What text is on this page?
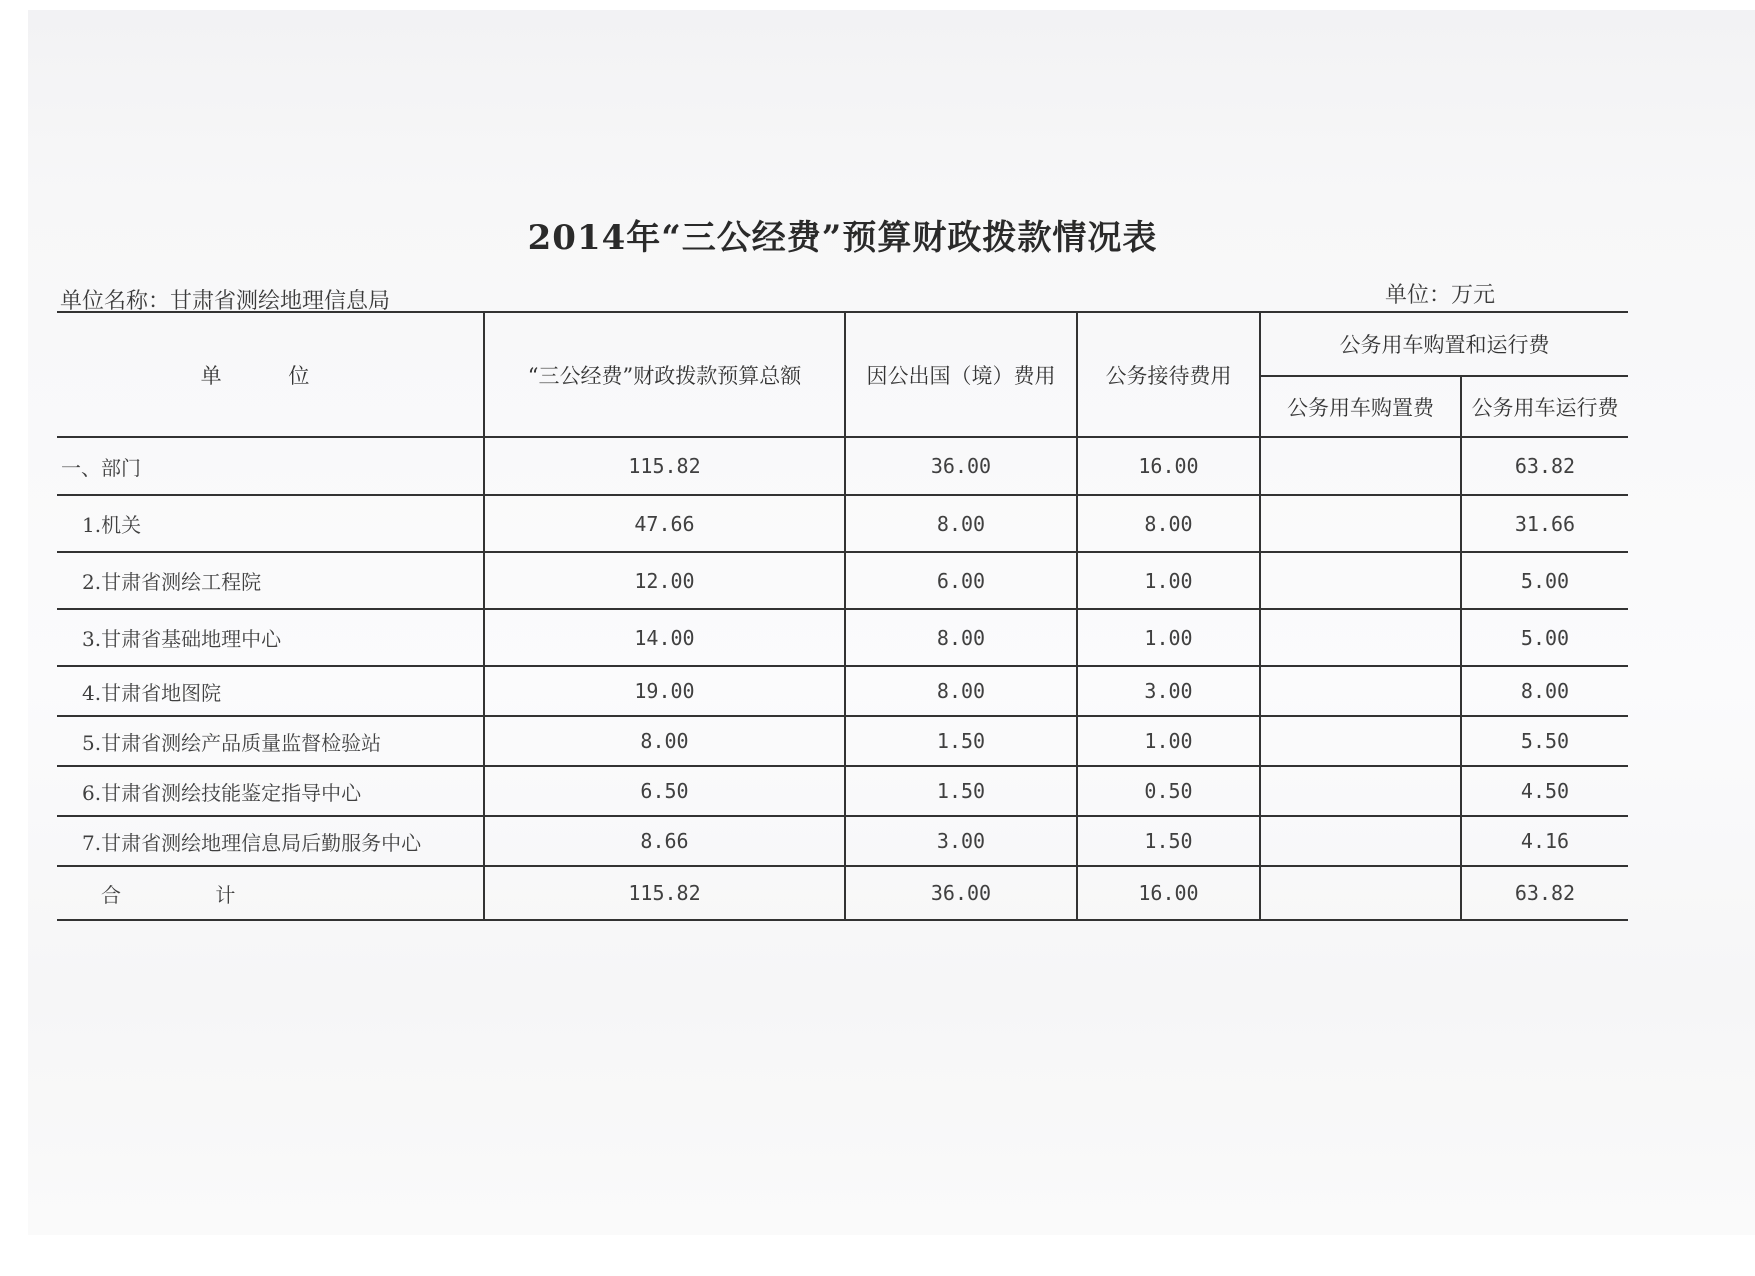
2014年“三公经费”预算财政拨款情况表
单位名称：甘肃省测绘地理信息局	单位：万元
单 位	“三公经费”财政拨款预算总额	因公出国（境）费用	公务接待费用	公务用车购置和运行费	
				公务用车购置费	公务用车运行费
一、部门	115.82	36.00	16.00		63.82
1.机关	47.66	8.00	8.00		31.66
2.甘肃省测绘工程院	12.00	6.00	1.00		5.00
3.甘肃省基础地理中心	14.00	8.00	1.00		5.00
4.甘肃省地图院	19.00	8.00	3.00		8.00
5.甘肃省测绘产品质量监督检验站	8.00	1.50	1.00		5.50
6.甘肃省测绘技能鉴定指导中心	6.50	1.50	0.50		4.50
7.甘肃省测绘地理信息局后勤服务中心	8.66	3.00	1.50		4.16
合 计	115.82	36.00	16.00		63.82
